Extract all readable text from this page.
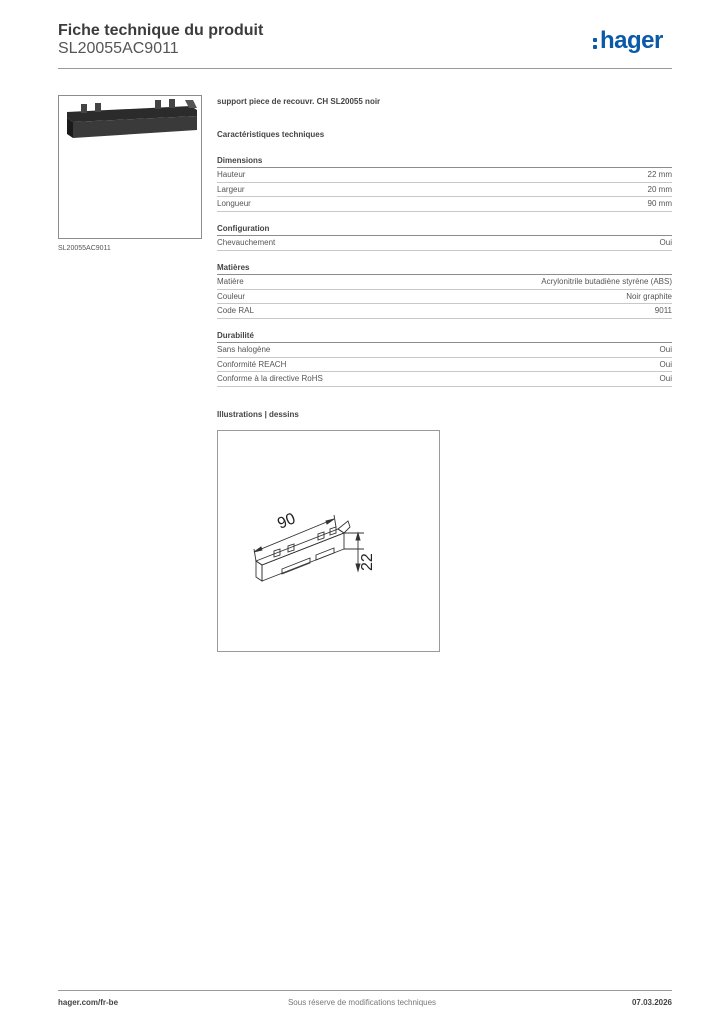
Fiche technique du produit
SL20055AC9011	hager
SL20055AC9011
support piece de recouvr. CH SL20055 noir
Caractéristiques techniques
Dimensions
Hauteur	22 mm
Largeur	20 mm
Longueur	90 mm
Configuration
Chevauchement	Oui
Matières
Matière	Acrylonitrile butadiène styrène (ABS)
Couleur	Noir graphite
Code RAL	9011
Durabilité
Sans halogène	Oui
Conformité REACH	Oui
Conforme à la directive RoHS	Oui
Illustrations | dessins
90
22
hager.com/fr-be	Sous réserve de modifications techniques	07.03.2026
